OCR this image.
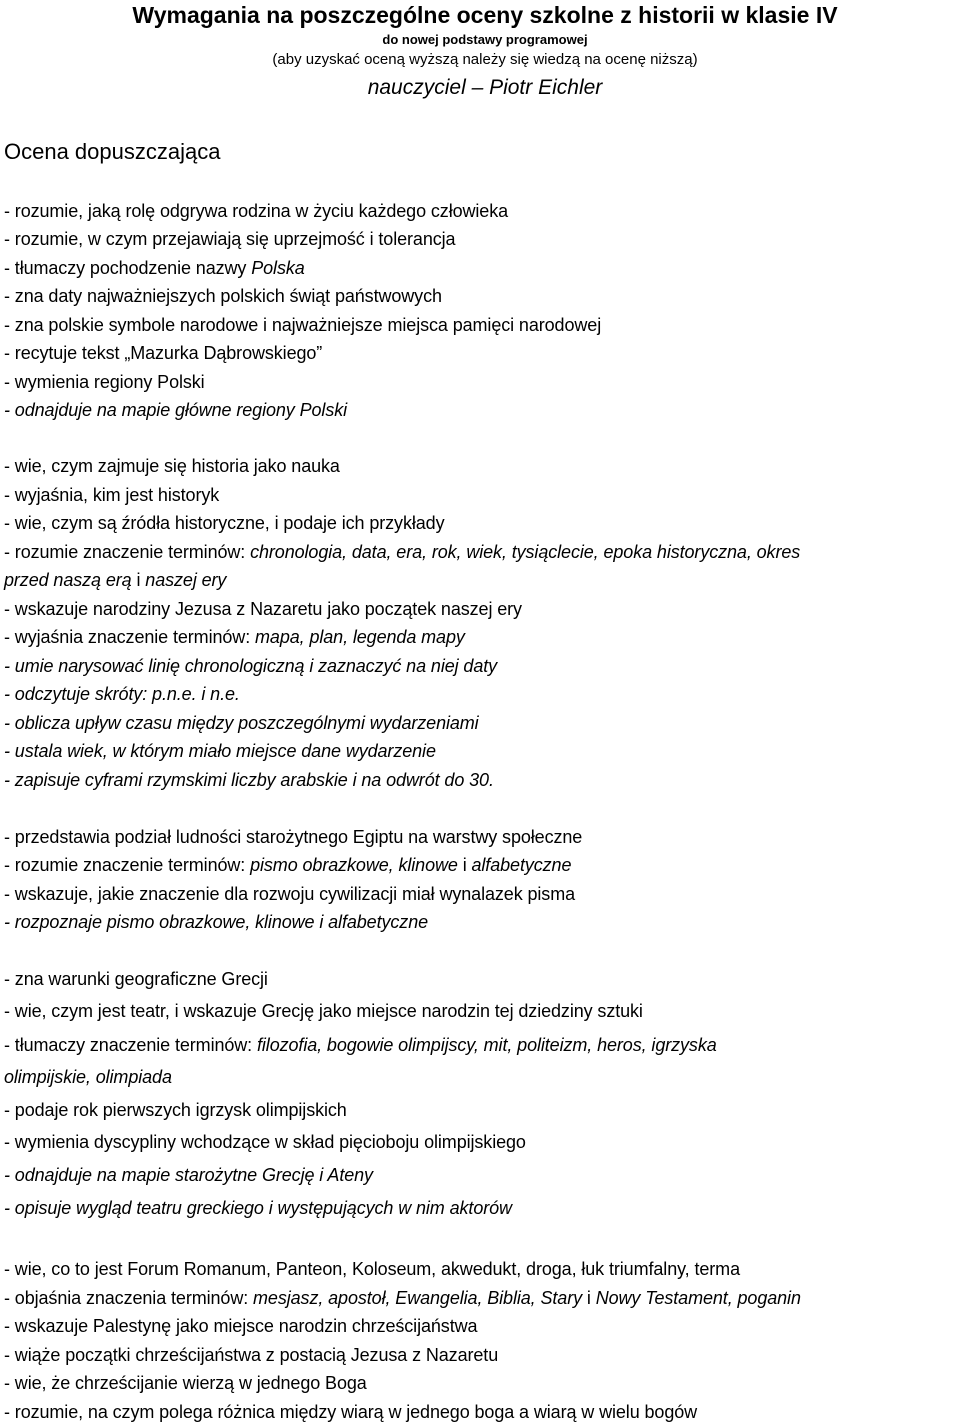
Wymagania na poszczególne oceny szkolne z historii w klasie IV
do nowej podstawy programowej
(aby uzyskać oceną wyższą należy się wiedzą na ocenę niższą)
nauczyciel – Piotr Eichler
Ocena dopuszczająca
- rozumie, jaką rolę odgrywa rodzina w życiu każdego człowieka
- rozumie, w czym przejawiają się uprzejmość i tolerancja
- tłumaczy pochodzenie nazwy Polska
- zna daty najważniejszych polskich świąt państwowych
- zna polskie symbole narodowe i najważniejsze miejsca pamięci narodowej
- recytuje tekst „Mazurka Dąbrowskiego”
- wymienia regiony Polski
- odnajduje na mapie główne regiony Polski
- wie, czym zajmuje się historia jako nauka
- wyjaśnia, kim jest historyk
- wie, czym są źródła historyczne, i podaje ich przykłady
- rozumie znaczenie terminów: chronologia, data, era, rok, wiek, tysiąclecie, epoka historyczna, okres
przed naszą erą i naszej ery
- wskazuje narodziny Jezusa z Nazaretu jako początek naszej ery
- wyjaśnia znaczenie terminów: mapa, plan, legenda mapy
- umie narysować linię chronologiczną i zaznaczyć na niej daty
- odczytuje skróty: p.n.e. i n.e.
- oblicza upływ czasu między poszczególnymi wydarzeniami
- ustala wiek, w którym miało miejsce dane wydarzenie
- zapisuje cyframi rzymskimi liczby arabskie i na odwrót do 30.
- przedstawia podział ludności starożytnego Egiptu na warstwy społeczne
- rozumie znaczenie terminów: pismo obrazkowe, klinowe i alfabetyczne
- wskazuje, jakie znaczenie dla rozwoju cywilizacji miał wynalazek pisma
- rozpoznaje pismo obrazkowe, klinowe i alfabetyczne
- zna warunki geograficzne Grecji
- wie, czym jest teatr, i wskazuje Grecję jako miejsce narodzin tej dziedziny sztuki
- tłumaczy znaczenie terminów: filozofia, bogowie olimpijscy, mit, politeizm, heros, igrzyska
olimpijskie, olimpiada
- podaje rok pierwszych igrzysk olimpijskich
- wymienia dyscypliny wchodzące w skład pięcioboju olimpijskiego
- odnajduje na mapie starożytne Grecję i Ateny
- opisuje wygląd teatru greckiego i występujących w nim aktorów
- wie, co to jest Forum Romanum, Panteon, Koloseum, akwedukt, droga, łuk triumfalny, terma
- objaśnia znaczenia terminów: mesjasz, apostoł, Ewangelia, Biblia, Stary i Nowy Testament, poganin
- wskazuje Palestynę jako miejsce narodzin chrześcijaństwa
- wiąże początki chrześcijaństwa z postacią Jezusa z Nazaretu
- wie, że chrześcijanie wierzą w jednego Boga
- rozumie, na czym polega różnica między wiarą w jednego boga a wiarą w wielu bogów
